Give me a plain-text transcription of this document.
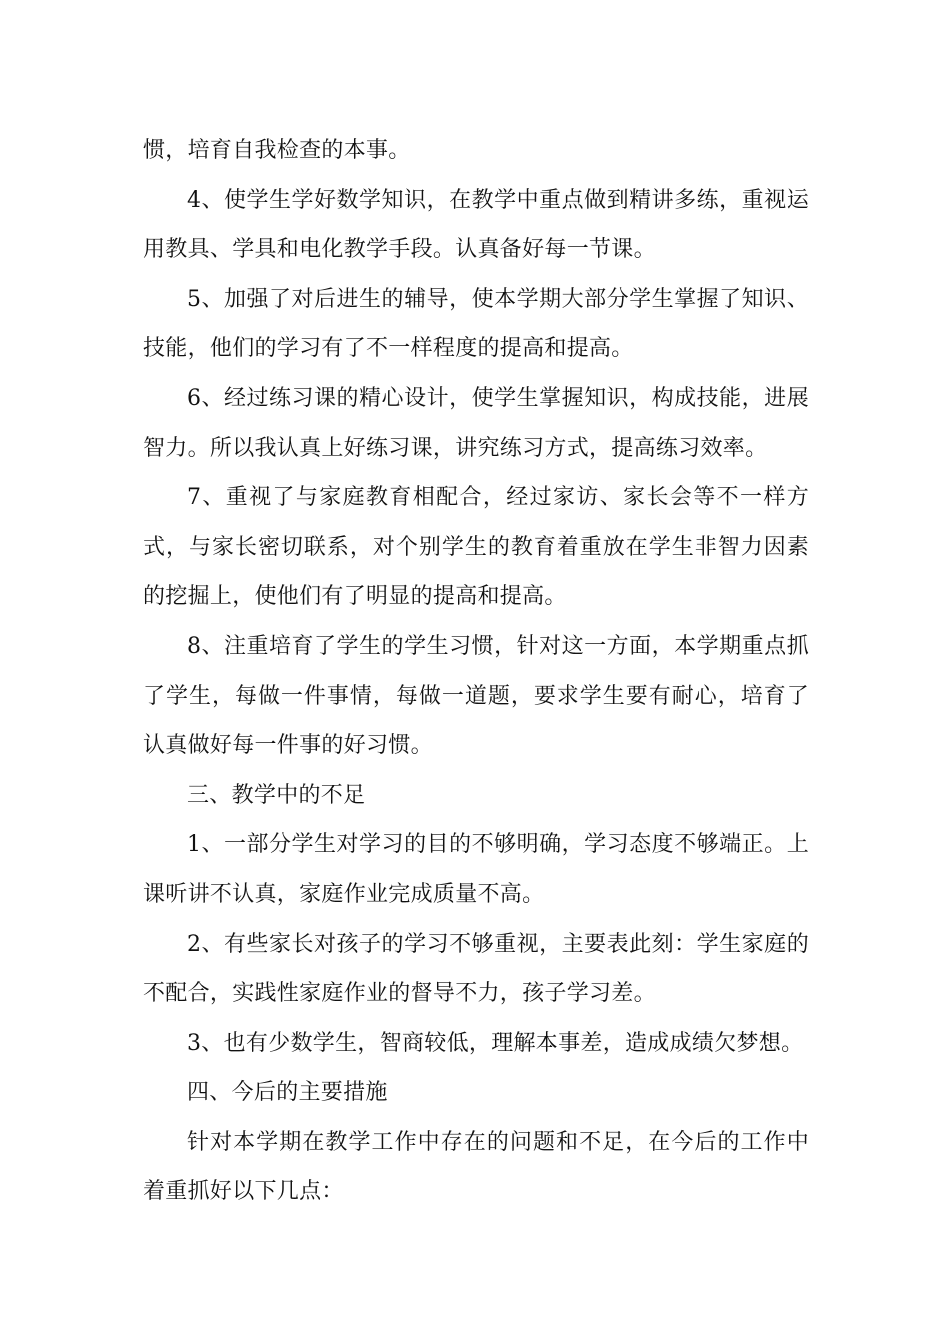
惯，培育自我检查的本事。

4、使学生学好数学知识，在教学中重点做到精讲多练，重视运用教具、学具和电化教学手段。认真备好每一节课。

5、加强了对后进生的辅导，使本学期大部分学生掌握了知识、技能，他们的学习有了不一样程度的提高和提高。

6、经过练习课的精心设计，使学生掌握知识，构成技能，进展智力。所以我认真上好练习课，讲究练习方式，提高练习效率。

7、重视了与家庭教育相配合，经过家访、家长会等不一样方式，与家长密切联系，对个别学生的教育着重放在学生非智力因素的挖掘上，使他们有了明显的提高和提高。

8、注重培育了学生的学生习惯，针对这一方面，本学期重点抓了学生，每做一件事情，每做一道题，要求学生要有耐心，培育了认真做好每一件事的好习惯。

三、教学中的不足

1、一部分学生对学习的目的不够明确，学习态度不够端正。上课听讲不认真，家庭作业完成质量不高。

2、有些家长对孩子的学习不够重视，主要表此刻：学生家庭的不配合，实践性家庭作业的督导不力，孩子学习差。

3、也有少数学生，智商较低，理解本事差，造成成绩欠梦想。

四、今后的主要措施

针对本学期在教学工作中存在的问题和不足，在今后的工作中着重抓好以下几点：
